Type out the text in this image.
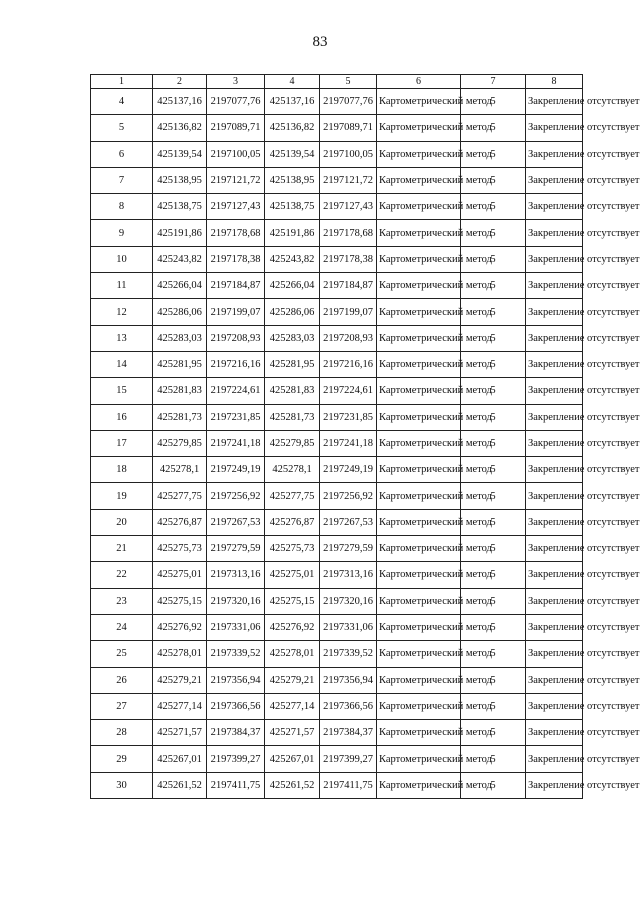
83
1	2	3	4	5	6	7	8
4	425137,16	2197077,76	425137,16	2197077,76	Картометрический метод	5	Закрепление отсутствует
5	425136,82	2197089,71	425136,82	2197089,71	Картометрический метод	5	Закрепление отсутствует
6	425139,54	2197100,05	425139,54	2197100,05	Картометрический метод	5	Закрепление отсутствует
7	425138,95	2197121,72	425138,95	2197121,72	Картометрический метод	5	Закрепление отсутствует
8	425138,75	2197127,43	425138,75	2197127,43	Картометрический метод	5	Закрепление отсутствует
9	425191,86	2197178,68	425191,86	2197178,68	Картометрический метод	5	Закрепление отсутствует
10	425243,82	2197178,38	425243,82	2197178,38	Картометрический метод	5	Закрепление отсутствует
11	425266,04	2197184,87	425266,04	2197184,87	Картометрический метод	5	Закрепление отсутствует
12	425286,06	2197199,07	425286,06	2197199,07	Картометрический метод	5	Закрепление отсутствует
13	425283,03	2197208,93	425283,03	2197208,93	Картометрический метод	5	Закрепление отсутствует
14	425281,95	2197216,16	425281,95	2197216,16	Картометрический метод	5	Закрепление отсутствует
15	425281,83	2197224,61	425281,83	2197224,61	Картометрический метод	5	Закрепление отсутствует
16	425281,73	2197231,85	425281,73	2197231,85	Картометрический метод	5	Закрепление отсутствует
17	425279,85	2197241,18	425279,85	2197241,18	Картометрический метод	5	Закрепление отсутствует
18	425278,1	2197249,19	425278,1	2197249,19	Картометрический метод	5	Закрепление отсутствует
19	425277,75	2197256,92	425277,75	2197256,92	Картометрический метод	5	Закрепление отсутствует
20	425276,87	2197267,53	425276,87	2197267,53	Картометрический метод	5	Закрепление отсутствует
21	425275,73	2197279,59	425275,73	2197279,59	Картометрический метод	5	Закрепление отсутствует
22	425275,01	2197313,16	425275,01	2197313,16	Картометрический метод	5	Закрепление отсутствует
23	425275,15	2197320,16	425275,15	2197320,16	Картометрический метод	5	Закрепление отсутствует
24	425276,92	2197331,06	425276,92	2197331,06	Картометрический метод	5	Закрепление отсутствует
25	425278,01	2197339,52	425278,01	2197339,52	Картометрический метод	5	Закрепление отсутствует
26	425279,21	2197356,94	425279,21	2197356,94	Картометрический метод	5	Закрепление отсутствует
27	425277,14	2197366,56	425277,14	2197366,56	Картометрический метод	5	Закрепление отсутствует
28	425271,57	2197384,37	425271,57	2197384,37	Картометрический метод	5	Закрепление отсутствует
29	425267,01	2197399,27	425267,01	2197399,27	Картометрический метод	5	Закрепление отсутствует
30	425261,52	2197411,75	425261,52	2197411,75	Картометрический метод	5	Закрепление отсутствует
